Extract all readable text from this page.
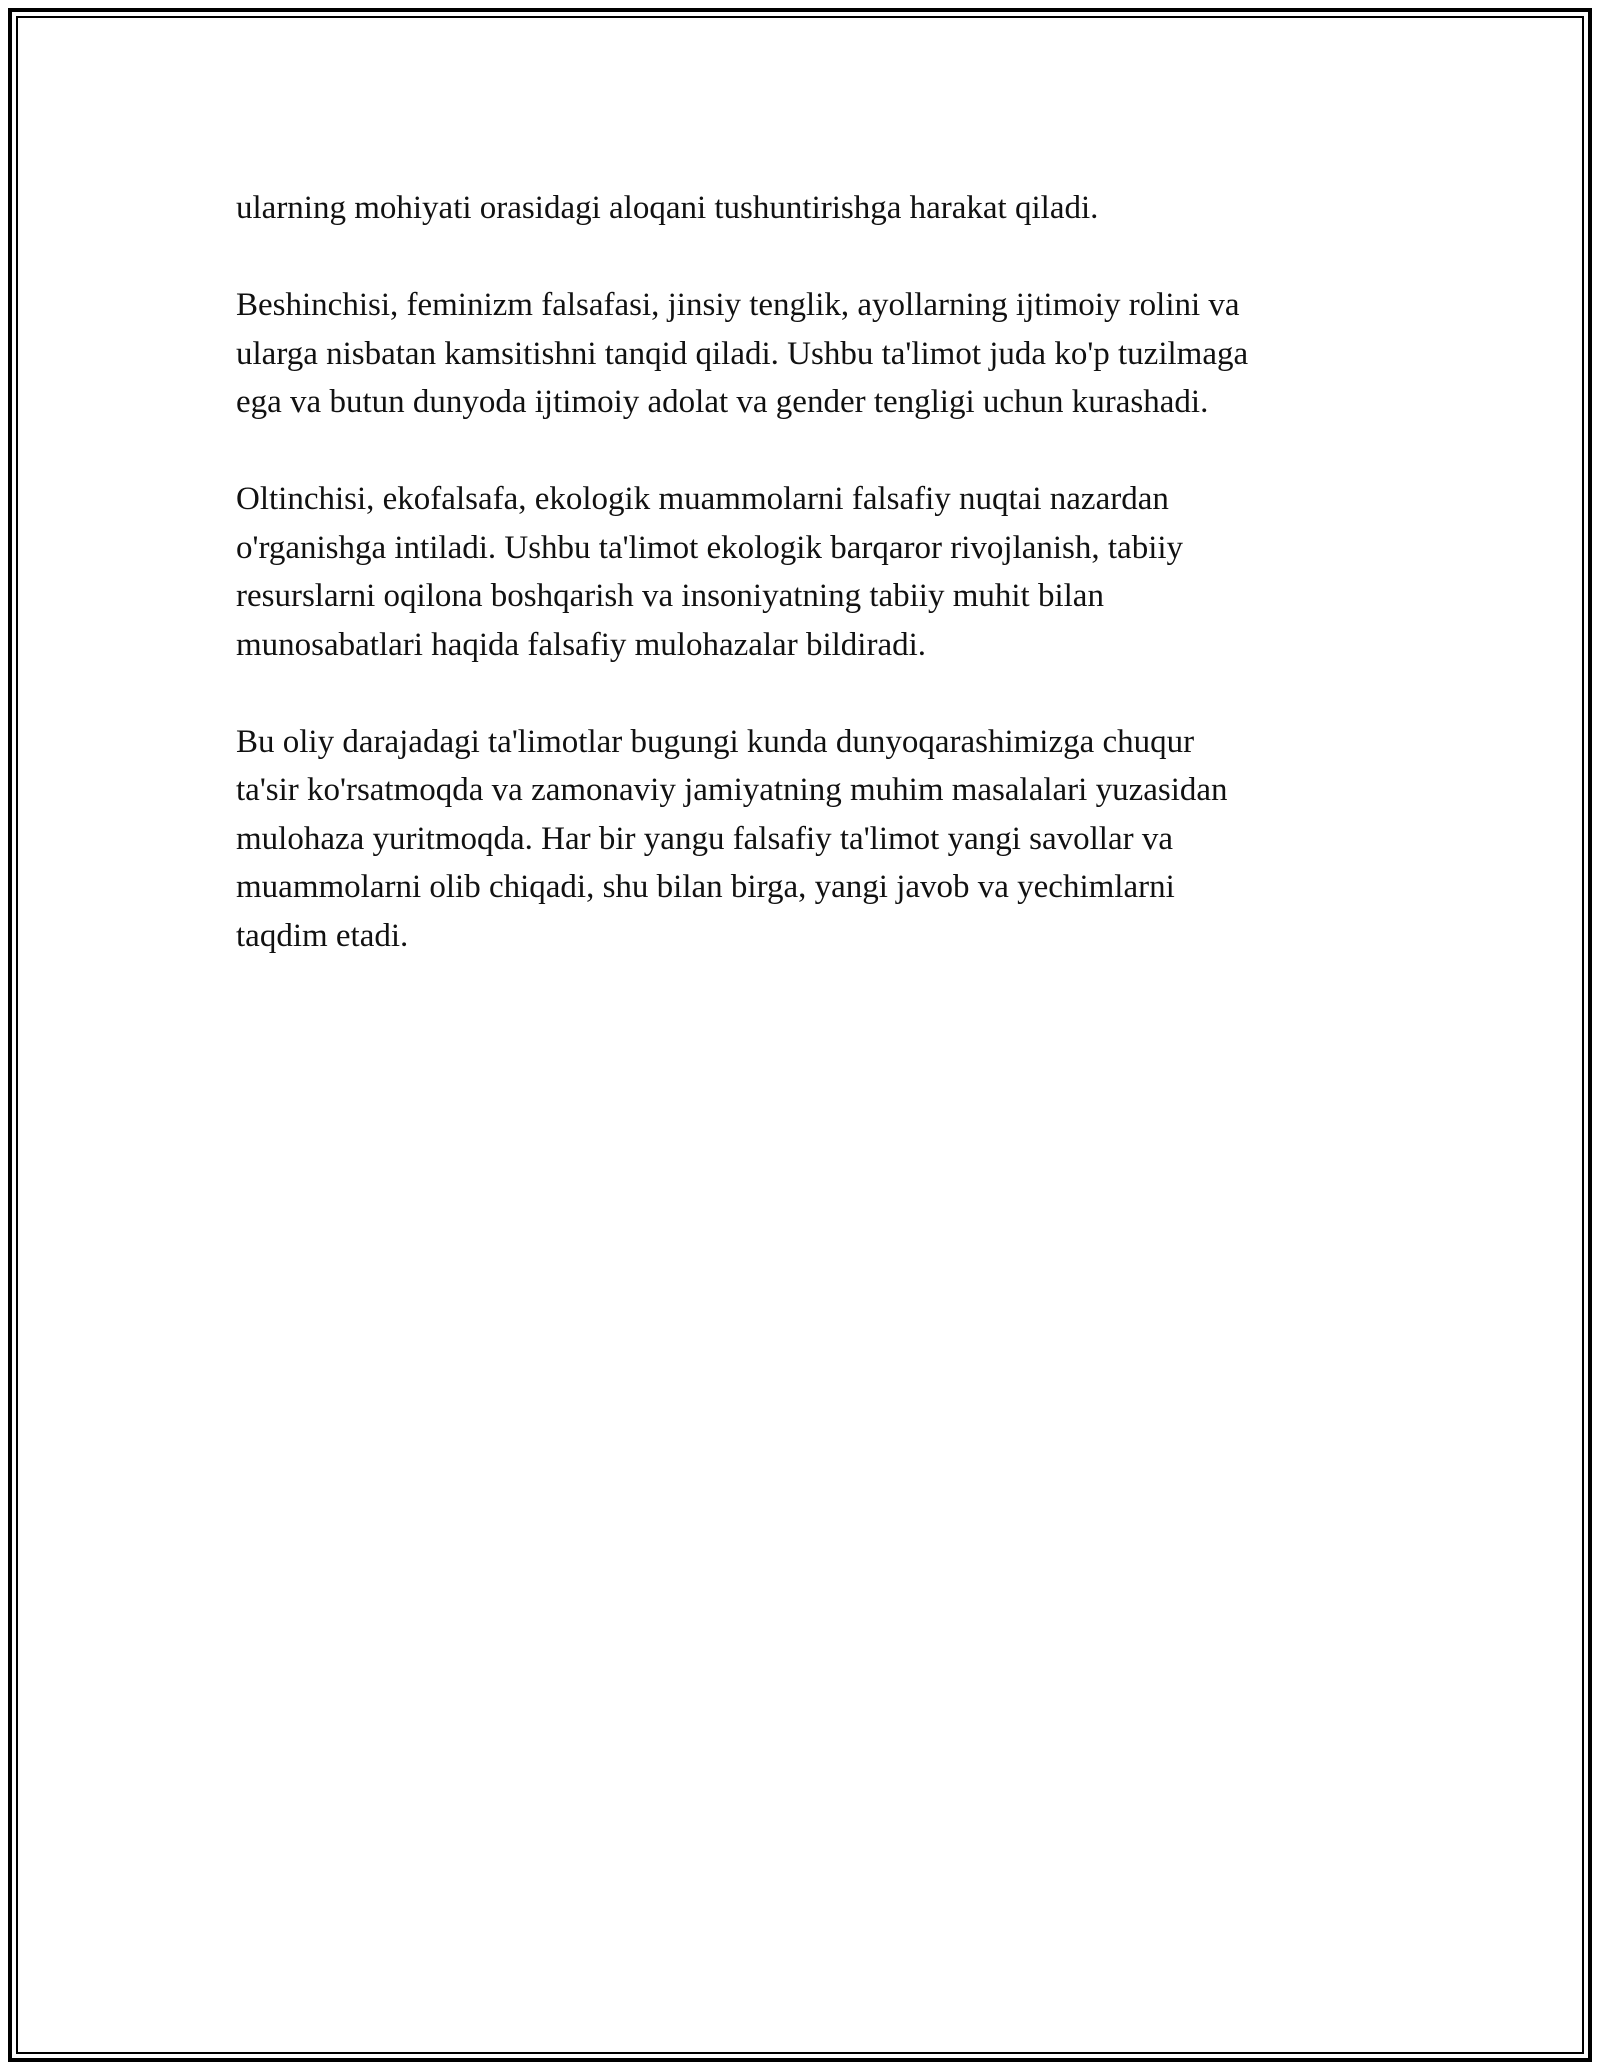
ularning mohiyati orasidagi aloqani tushuntirishga harakat qiladi.

Beshinchisi, feminizm falsafasi, jinsiy tenglik, ayollarning ijtimoiy rolini va
ularga nisbatan kamsitishni tanqid qiladi. Ushbu ta'limot juda ko'p tuzilmaga
ega va butun dunyoda ijtimoiy adolat va gender tengligi uchun kurashadi.

Oltinchisi, ekofalsafa, ekologik muammolarni falsafiy nuqtai nazardan
o'rganishga intiladi. Ushbu ta'limot ekologik barqaror rivojlanish, tabiiy
resurslarni oqilona boshqarish va insoniyatning tabiiy muhit bilan
munosabatlari haqida falsafiy mulohazalar bildiradi.

Bu oliy darajadagi ta'limotlar bugungi kunda dunyoqarashimizga chuqur
ta'sir ko'rsatmoqda va zamonaviy jamiyatning muhim masalalari yuzasidan
mulohaza yuritmoqda. Har bir yangu falsafiy ta'limot yangi savollar va
muammolarni olib chiqadi, shu bilan birga, yangi javob va yechimlarni
taqdim etadi.
